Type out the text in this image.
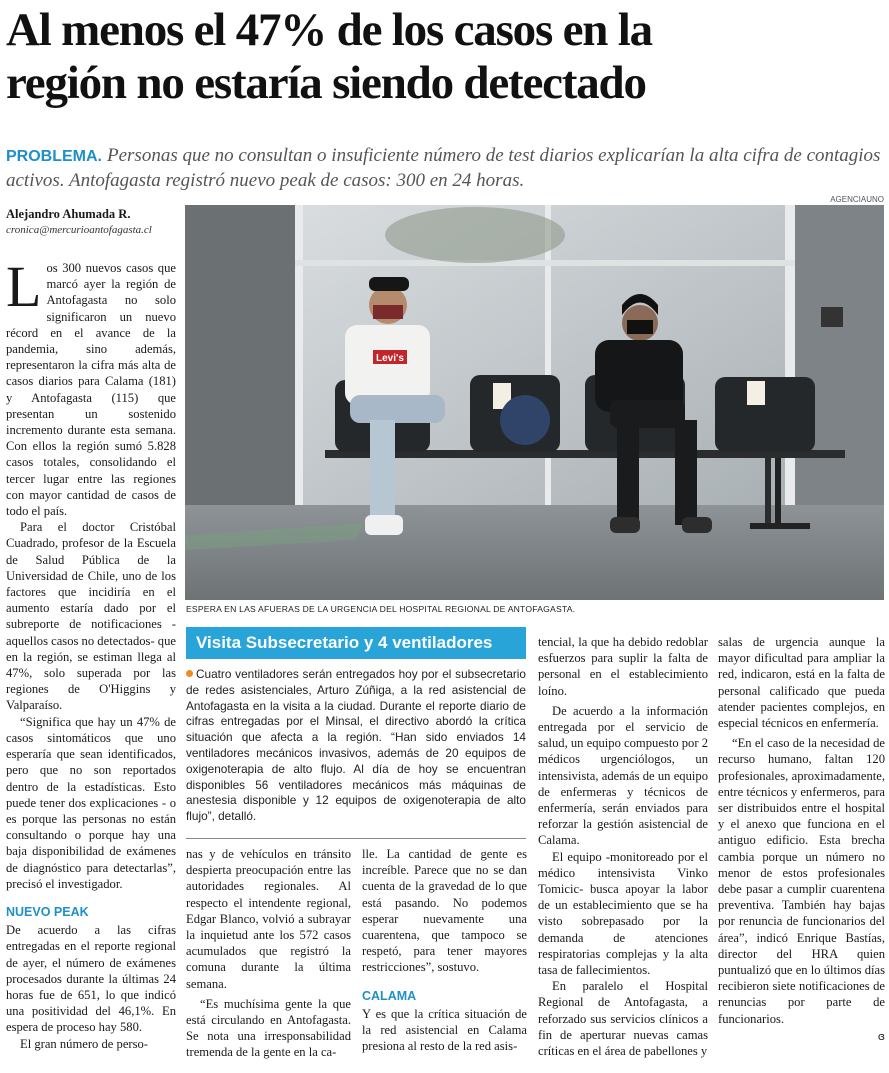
Al menos el 47% de los casos en la
región no estaría siendo detectado
PROBLEMA. Personas que no consultan o insuficiente número de test diarios explicarían la alta cifra de contagios activos. Antofagasta registró nuevo peak de casos: 300 en 24 horas.
AGENCIAUNO
Alejandro Ahumada R.
cronica@mercurioantofagasta.cl

Los 300 nuevos casos que marcó ayer la región de Antofagasta no solo significaron un nuevo récord en el avance de la pandemia, sino además, representaron la cifra más alta de casos diarios para Calama (181) y Antofagasta (115) que presentan un sostenido incremento durante esta semana. Con ellos la región sumó 5.828 casos totales, consolidando el tercer lugar entre las regiones con mayor cantidad de casos de todo el país.

Para el doctor Cristóbal Cuadrado, profesor de la Escuela de Salud Pública de la Universidad de Chile, uno de los factores que incidiría en el aumento estaría dado por el subreporte de notificaciones -aquellos casos no detectados- que en la región, se estiman llega al 47%, solo superada por las regiones de O'Higgins y Valparaíso.

“Significa que hay un 47% de casos sintomáticos que uno esperaría que sean identificados, pero que no son reportados dentro de la estadísticas. Esto puede tener dos explicaciones - o es porque las personas no están consultando o porque hay una baja disponibilidad de exámenes de diagnóstico para detectarlas”, precisó el investigador.

NUEVO PEAK

De acuerdo a las cifras entregadas en el reporte regional de ayer, el número de exámenes procesados durante la últimas 24 horas fue de 651, lo que indicó una positividad del 46,1%. En espera de proceso hay 580.

El gran número de perso-

Levi's
ESPERA EN LAS AFUERAS DE LA URGENCIA DEL HOSPITAL REGIONAL DE ANTOFAGASTA.
Visita Subsecretario y 4 ventiladores
Cuatro ventiladores serán entregados hoy por el subsecretario de redes asistenciales, Arturo Zúñiga, a la red asistencial de Antofagasta en la visita a la ciudad. Durante el reporte diario de cifras entregadas por el Minsal, el directivo abordó la crítica situación que afecta a la región. “Han sido enviados 14 ventiladores mecánicos invasivos, además de 20 equipos de oxigenoterapia de alto flujo. Al día de hoy se encuentran disponibles 56 ventiladores mecánicos más máquinas de anestesia disponible y 12 equipos de oxigenoterapia de alto flujo”, detalló.

nas y de vehículos en tránsito despierta preocupación entre las autoridades regionales. Al respecto el intendente regional, Edgar Blanco, volvió a subrayar la inquietud ante los 572 casos acumulados que registró la comuna durante la última semana.

“Es muchísima gente la que está circulando en Antofagasta. Se nota una irresponsabilidad tremenda de la gente en la ca-

lle. La cantidad de gente es increíble. Parece que no se dan cuenta de la gravedad de lo que está pasando. No podemos esperar nuevamente una cuarentena, que tampoco se respetó, para tener mayores restricciones”, sostuvo.

CALAMA

Y es que la crítica situación de la red asistencial en Calama presiona al resto de la red asis-

tencial, la que ha debido redoblar esfuerzos para suplir la falta de personal en el establecimiento loíno.

De acuerdo a la información entregada por el servicio de salud, un equipo compuesto por 2 médicos urgenciólogos, un intensivista, además de un equipo de enfermeras y técnicos de enfermería, serán enviados para reforzar la gestión asistencial de Calama.

El equipo -monitoreado por el médico intensivista Vinko Tomicic- busca apoyar la labor de un establecimiento que se ha visto sobrepasado por la demanda de atenciones respiratorias complejas y la alta tasa de fallecimientos.

En paralelo el Hospital Regional de Antofagasta, a reforzado sus servicios clínicos a fin de aperturar nuevas camas críticas en el área de pabellones y

salas de urgencia aunque la mayor dificultad para ampliar la red, indicaron, está en la falta de personal calificado que pueda atender pacientes complejos, en especial técnicos en enfermería.

“En el caso de la necesidad de recurso humano, faltan 120 profesionales, aproximadamente, entre técnicos y enfermeros, para ser distribuidos entre el hospital y el anexo que funciona en el antiguo edificio. Esta brecha cambia porque un número no menor de estos profesionales debe pasar a cumplir cuarentena preventiva. También hay bajas por renuncia de funcionarios del área”, indicó Enrique Bastías, director del HRA quien puntualizó que en lo últimos días recibieron siete notificaciones de renuncias por parte de funcionarios.

ɞ
